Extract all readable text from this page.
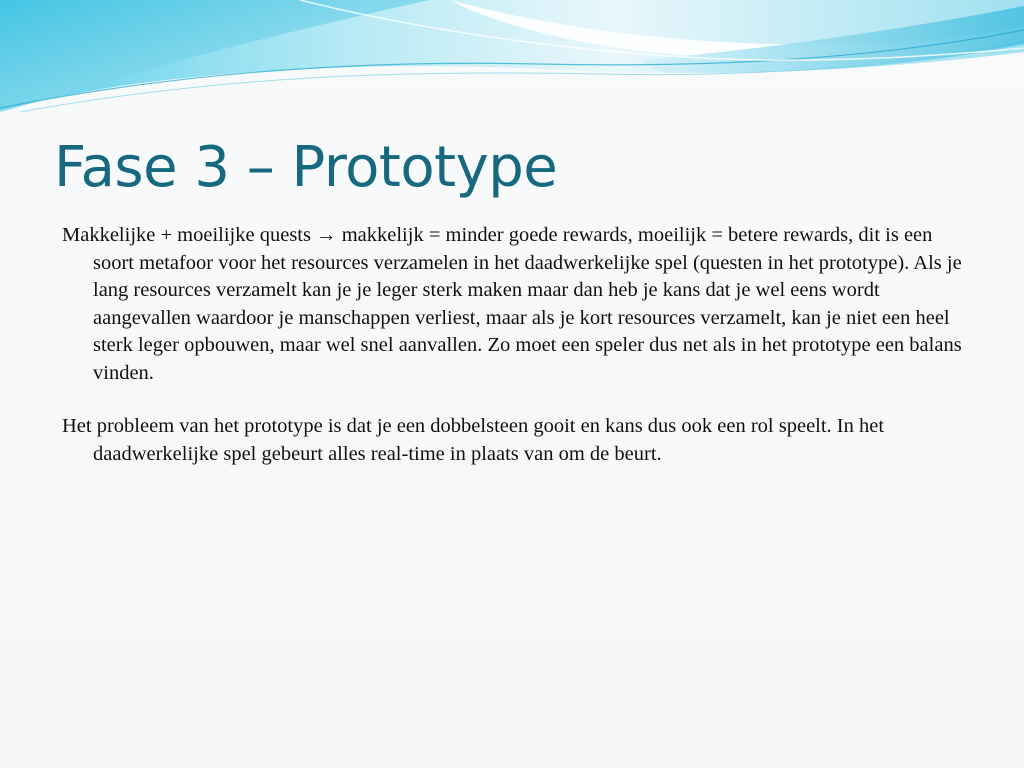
Fase 3 – Prototype

Makkelijke + moeilijke quests → makkelijk = minder goede rewards, moeilijk = betere rewards, dit is een soort metafoor voor het resources verzamelen in het daadwerkelijke spel (questen in het prototype). Als je lang resources verzamelt kan je je leger sterk maken maar dan heb je kans dat je wel eens wordt aangevallen waardoor je manschappen verliest, maar als je kort resources verzamelt, kan je niet een heel sterk leger opbouwen, maar wel snel aanvallen. Zo moet een speler dus net als in het prototype een balans vinden.

Het probleem van het prototype is dat je een dobbelsteen gooit en kans dus ook een rol speelt. In het daadwerkelijke spel gebeurt alles real-time in plaats van om de beurt.
